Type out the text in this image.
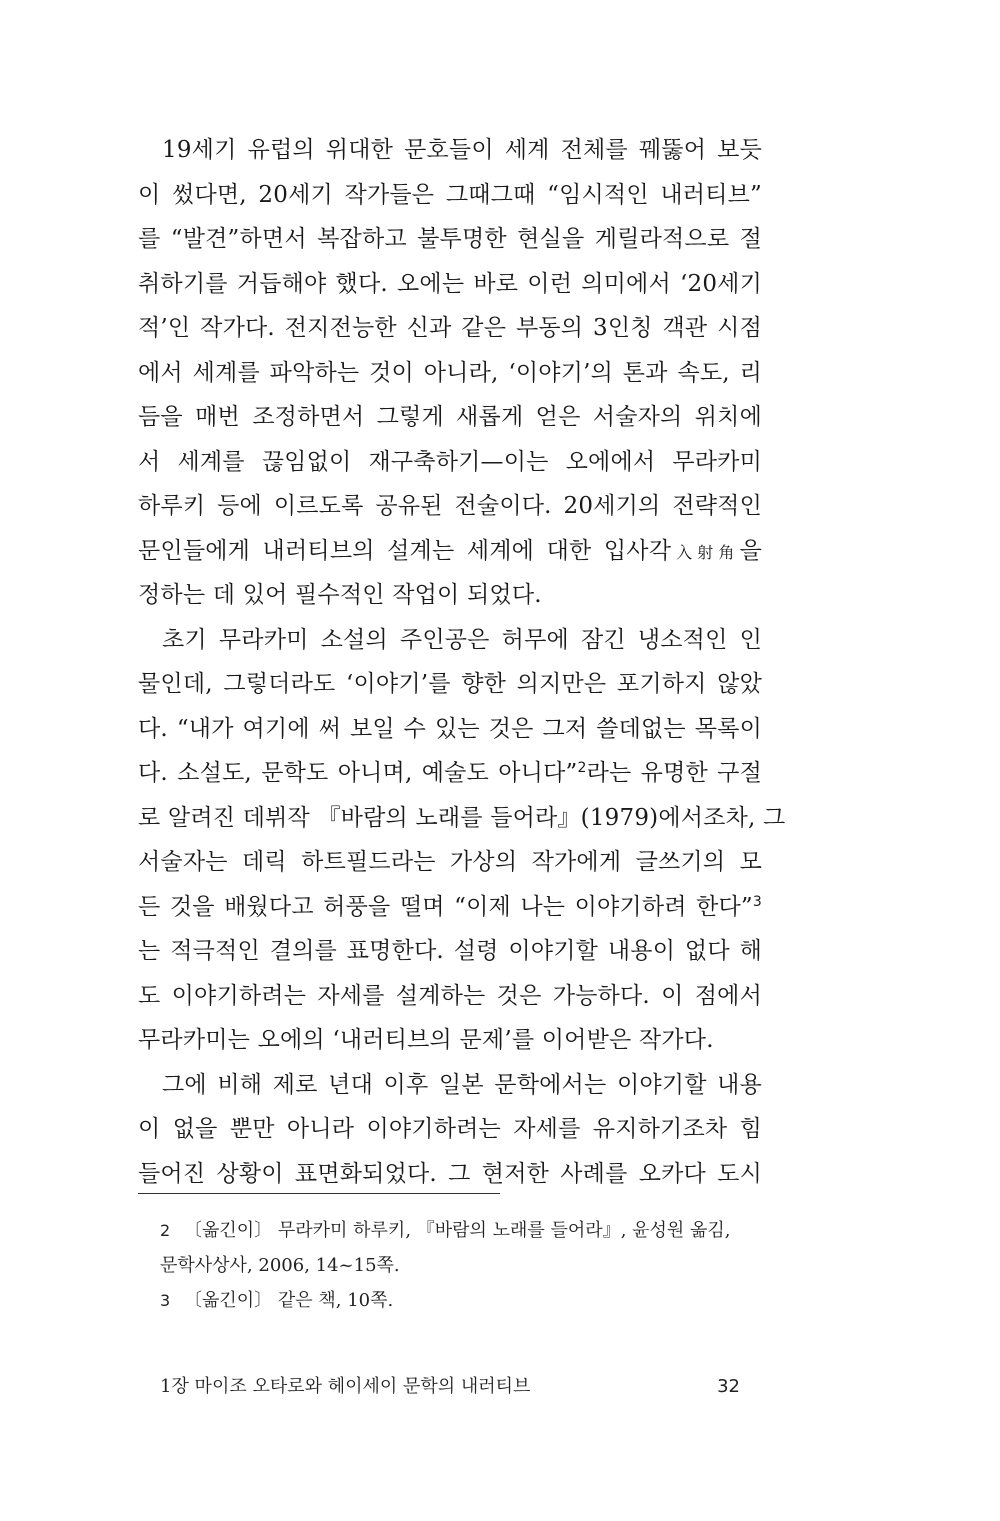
19세기 유럽의 위대한 문호들이 세계 전체를 꿰뚫어 보듯
이 썼다면, 20세기 작가들은 그때그때 “임시적인 내러티브”
를 “발견”하면서 복잡하고 불투명한 현실을 게릴라적으로 절
취하기를 거듭해야 했다. 오에는 바로 이런 의미에서 ‘20세기
적’인 작가다. 전지전능한 신과 같은 부동의 3인칭 객관 시점
에서 세계를 파악하는 것이 아니라, ‘이야기’의 톤과 속도, 리
듬을 매번 조정하면서 그렇게 새롭게 얻은 서술자의 위치에
서 세계를 끊임없이 재구축하기—이는 오에에서 무라카미
하루키 등에 이르도록 공유된 전술이다. 20세기의 전략적인
문인들에게 내러티브의 설계는 세계에 대한 입사각入射角을
정하는 데 있어 필수적인 작업이 되었다.
초기 무라카미 소설의 주인공은 허무에 잠긴 냉소적인 인
물인데, 그렇더라도 ‘이야기’를 향한 의지만은 포기하지 않았
다. “내가 여기에 써 보일 수 있는 것은 그저 쓸데없는 목록이
다. 소설도, 문학도 아니며, 예술도 아니다”$^2$라는 유명한 구절
로 알려진 데뷔작 『바람의 노래를 들어라』(1979)에서조차, 그
서술자는 데릭 하트필드라는 가상의 작가에게 글쓰기의 모
든 것을 배웠다고 허풍을 떨며 “이제 나는 이야기하려 한다”$^3$
는 적극적인 결의를 표명한다. 설령 이야기할 내용이 없다 해
도 이야기하려는 자세를 설계하는 것은 가능하다. 이 점에서
무라카미는 오에의 ‘내러티브의 문제’를 이어받은 작가다.
그에 비해 제로 년대 이후 일본 문학에서는 이야기할 내용
이 없을 뿐만 아니라 이야기하려는 자세를 유지하기조차 힘
들어진 상황이 표면화되었다. 그 현저한 사례를 오카다 도시
2 〔옮긴이〕 무라카미 하루키, 『바람의 노래를 들어라』, 윤성원 옮김,
문학사상사, 2006, 14~15쪽.
3 〔옮긴이〕 같은 책, 10쪽.
1장 마이조 오타로와 헤이세이 문학의 내러티브	32
